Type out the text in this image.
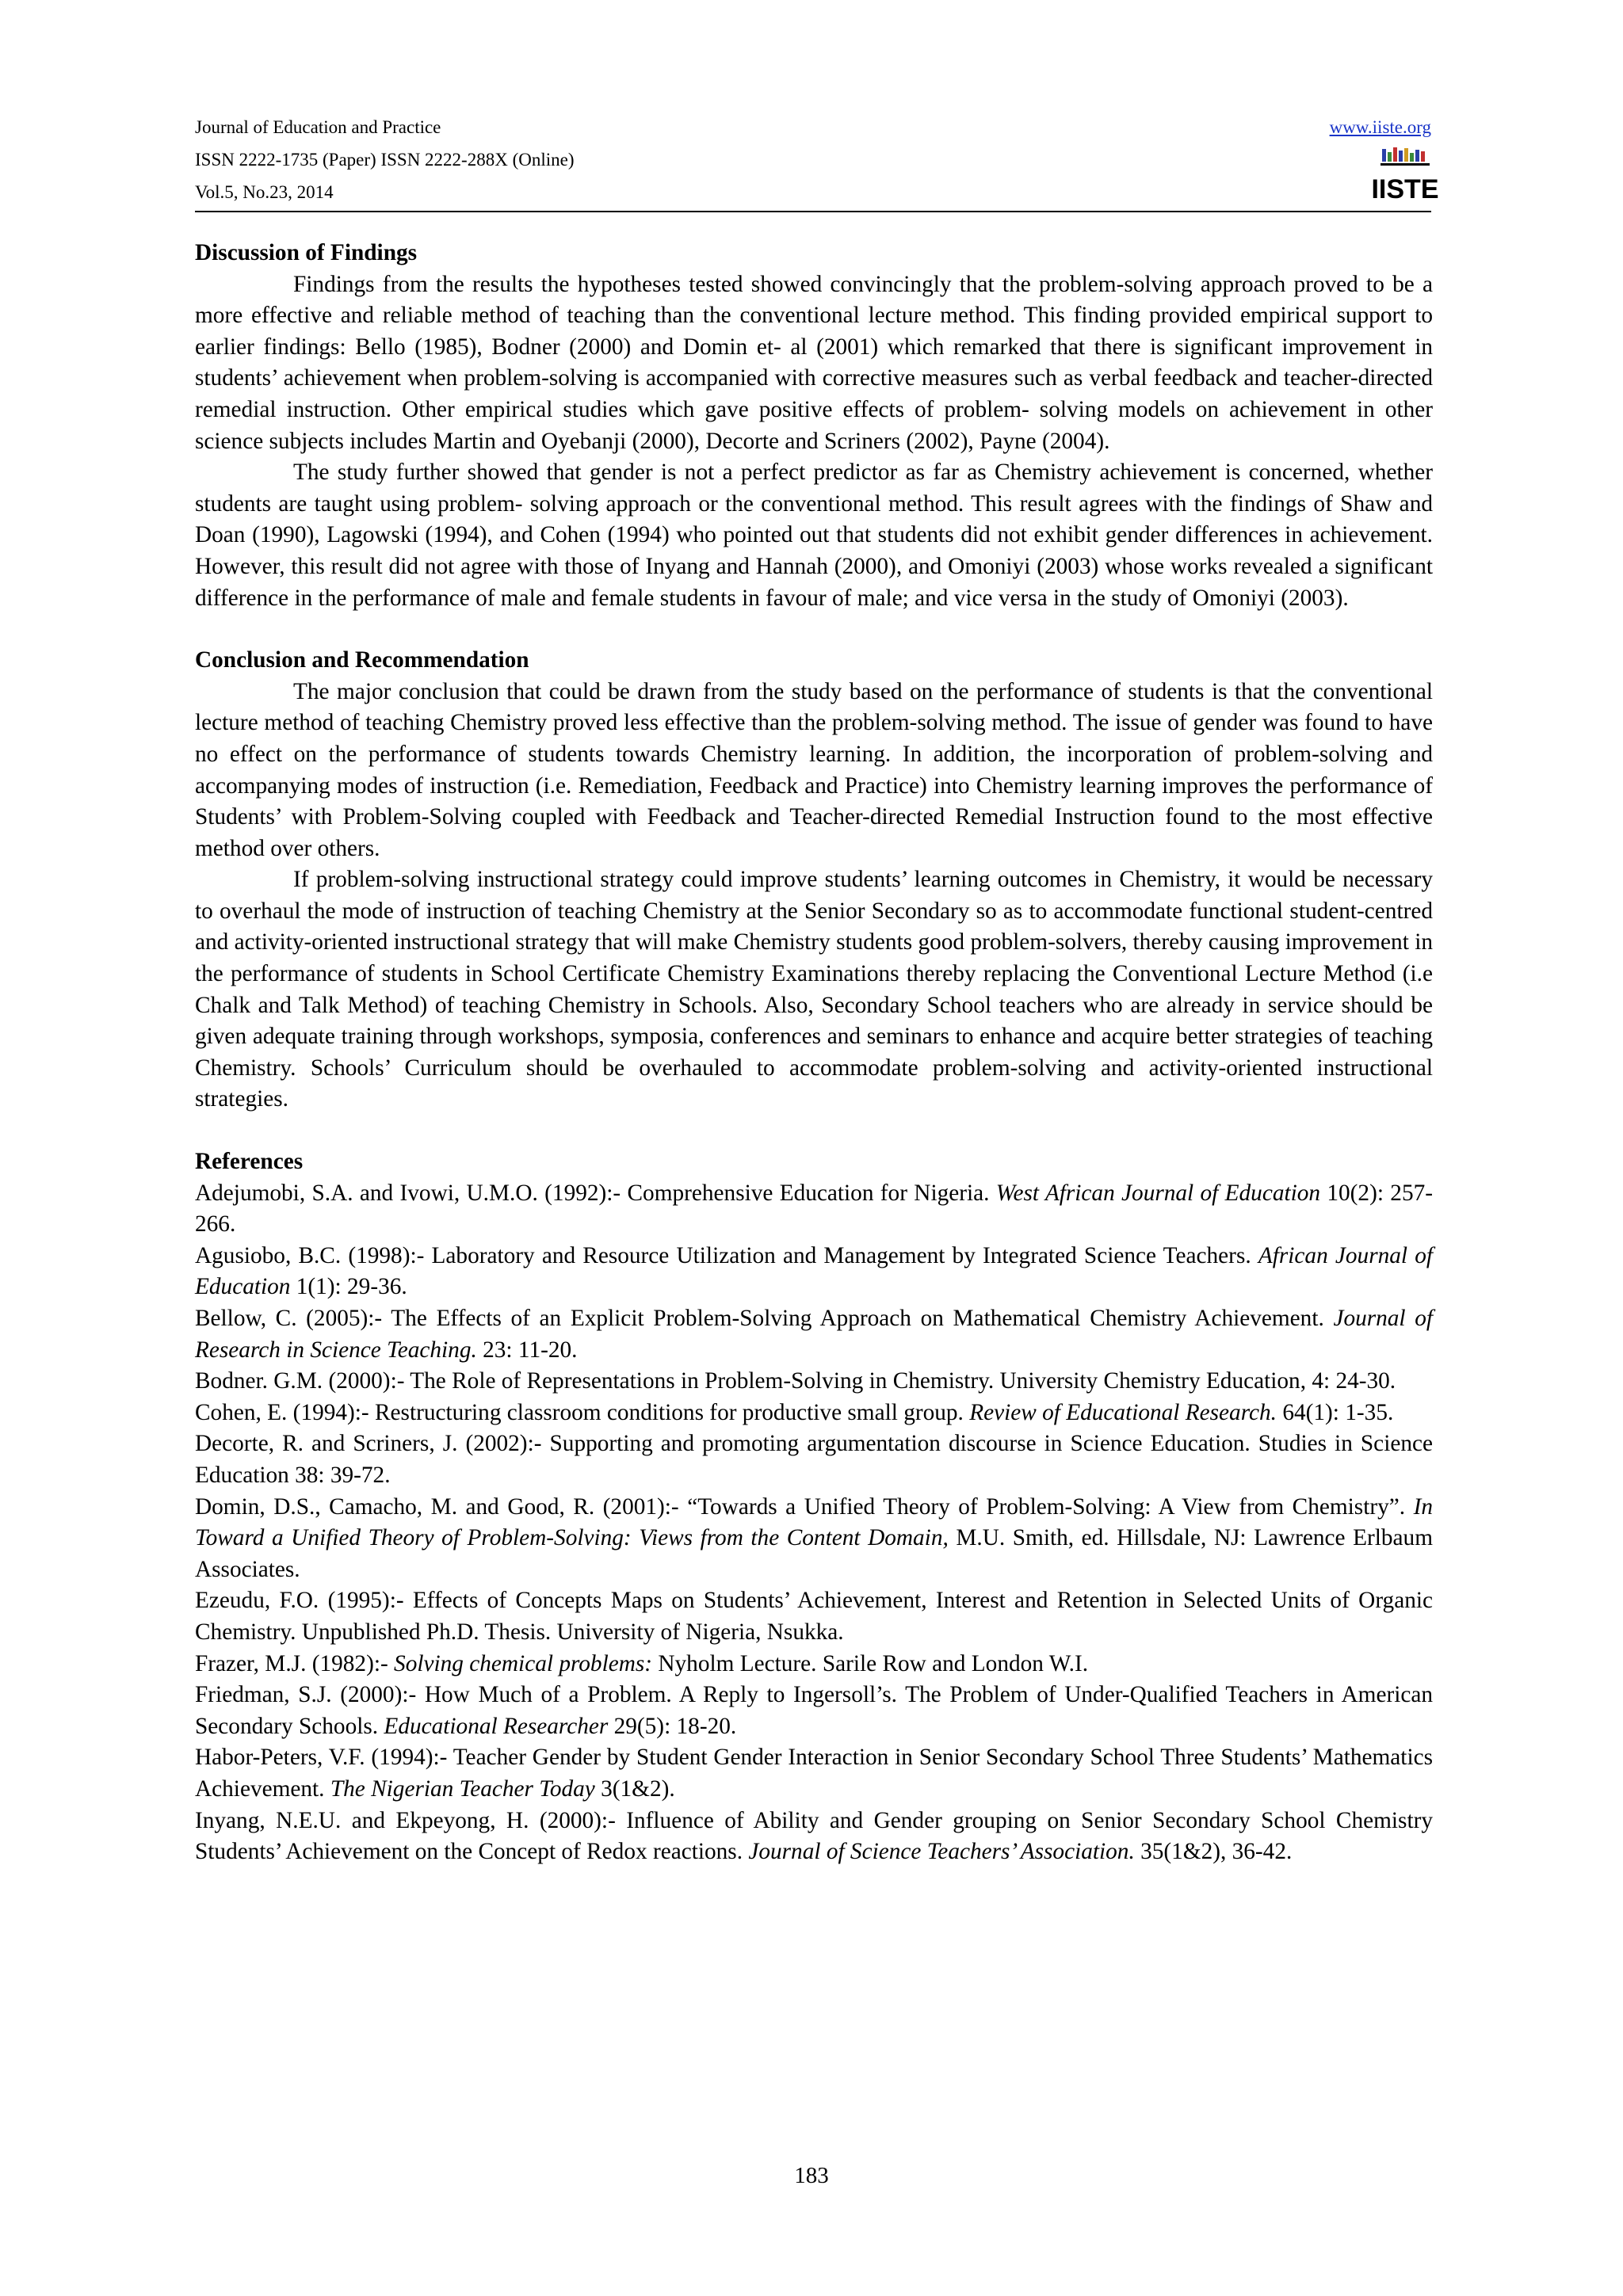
Journal of Education and Practice
ISSN 2222-1735 (Paper) ISSN 2222-288X (Online)
Vol.5, No.23, 2014
www.iiste.org
IISTE
Discussion of Findings

Findings from the results the hypotheses tested showed convincingly that the problem-solving approach proved to be a more effective and reliable method of teaching than the conventional lecture method. This finding provided empirical support to earlier findings: Bello (1985), Bodner (2000) and Domin et- al (2001) which remarked that there is significant improvement in students’ achievement when problem-solving is accompanied with corrective measures such as verbal feedback and teacher-directed remedial instruction. Other empirical studies which gave positive effects of problem- solving models on achievement in other science subjects includes Martin and Oyebanji (2000), Decorte and Scriners (2002), Payne (2004).

The study further showed that gender is not a perfect predictor as far as Chemistry achievement is concerned, whether students are taught using problem- solving approach or the conventional method. This result agrees with the findings of Shaw and Doan (1990), Lagowski (1994), and Cohen (1994) who pointed out that students did not exhibit gender differences in achievement. However, this result did not agree with those of Inyang and Hannah (2000), and Omoniyi (2003) whose works revealed a significant difference in the performance of male and female students in favour of male; and vice versa in the study of Omoniyi (2003).

Conclusion and Recommendation

The major conclusion that could be drawn from the study based on the performance of students is that the conventional lecture method of teaching Chemistry proved less effective than the problem-solving method. The issue of gender was found to have no effect on the performance of students towards Chemistry learning. In addition, the incorporation of problem-solving and accompanying modes of instruction (i.e. Remediation, Feedback and Practice) into Chemistry learning improves the performance of Students’ with Problem-Solving coupled with Feedback and Teacher-directed Remedial Instruction found to the most effective method over others.

If problem-solving instructional strategy could improve students’ learning outcomes in Chemistry, it would be necessary to overhaul the mode of instruction of teaching Chemistry at the Senior Secondary so as to accommodate functional student-centred and activity-oriented instructional strategy that will make Chemistry students good problem-solvers, thereby causing improvement in the performance of students in School Certificate Chemistry Examinations thereby replacing the Conventional Lecture Method (i.e Chalk and Talk Method) of teaching Chemistry in Schools. Also, Secondary School teachers who are already in service should be given adequate training through workshops, symposia, conferences and seminars to enhance and acquire better strategies of teaching Chemistry. Schools’ Curriculum should be overhauled to accommodate problem-solving and activity-oriented instructional strategies.

References

Adejumobi, S.A. and Ivowi, U.M.O. (1992):- Comprehensive Education for Nigeria. West African Journal of Education 10(2): 257-266.

Agusiobo, B.C. (1998):- Laboratory and Resource Utilization and Management by Integrated Science Teachers. African Journal of Education 1(1): 29-36.

Bellow, C. (2005):- The Effects of an Explicit Problem-Solving Approach on Mathematical Chemistry Achievement. Journal of Research in Science Teaching. 23: 11-20.

Bodner. G.M. (2000):- The Role of Representations in Problem-Solving in Chemistry. University Chemistry Education, 4: 24-30.

Cohen, E. (1994):- Restructuring classroom conditions for productive small group. Review of Educational Research. 64(1): 1-35.

Decorte, R. and Scriners, J. (2002):- Supporting and promoting argumentation discourse in Science Education. Studies in Science Education 38: 39-72.

Domin, D.S., Camacho, M. and Good, R. (2001):- “Towards a Unified Theory of Problem-Solving: A View from Chemistry”. In Toward a Unified Theory of Problem-Solving: Views from the Content Domain, M.U. Smith, ed. Hillsdale, NJ: Lawrence Erlbaum Associates.

Ezeudu, F.O. (1995):- Effects of Concepts Maps on Students’ Achievement, Interest and Retention in Selected Units of Organic Chemistry. Unpublished Ph.D. Thesis. University of Nigeria, Nsukka.

Frazer, M.J. (1982):- Solving chemical problems: Nyholm Lecture. Sarile Row and London W.I.

Friedman, S.J. (2000):- How Much of a Problem. A Reply to Ingersoll’s. The Problem of Under-Qualified Teachers in American Secondary Schools. Educational Researcher 29(5): 18-20.

Habor-Peters, V.F. (1994):- Teacher Gender by Student Gender Interaction in Senior Secondary School Three Students’ Mathematics Achievement. The Nigerian Teacher Today 3(1&2).

Inyang, N.E.U. and Ekpeyong, H. (2000):- Influence of Ability and Gender grouping on Senior Secondary School Chemistry Students’ Achievement on the Concept of Redox reactions. Journal of Science Teachers’ Association. 35(1&2), 36-42.

183
